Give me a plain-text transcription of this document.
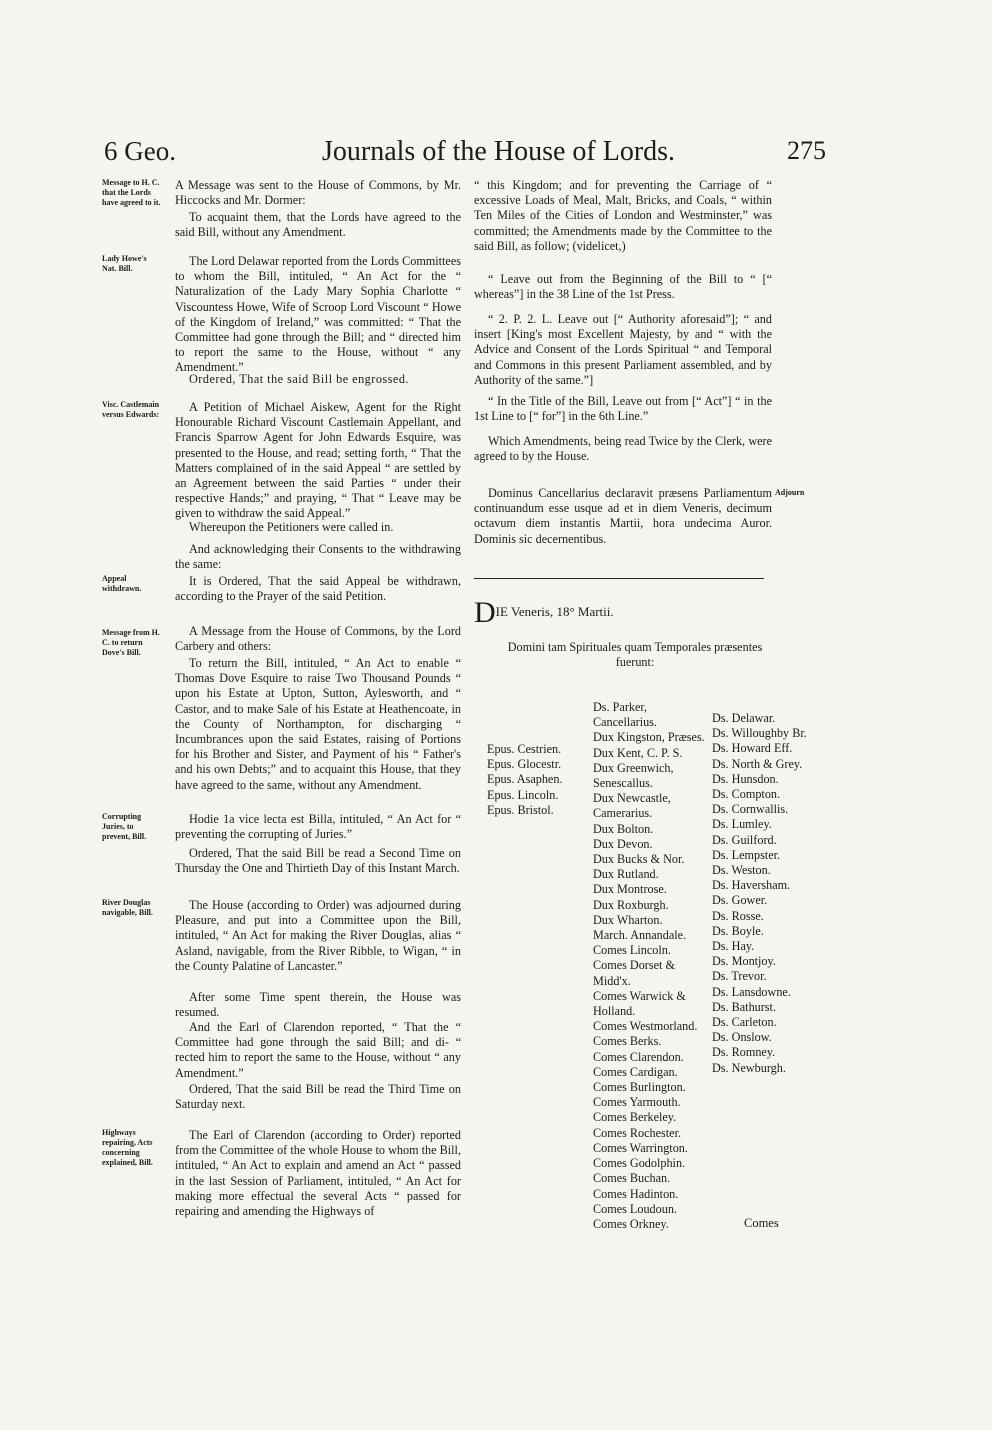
6 Geo.	Journals of the House of Lords.	275
Message to H. C. that the Lords have agreed to it.
Lady Howe's Nat. Bill.
Visc. Castlemain versus Edwards:
Appeal withdrawn.
Message from H. C. to return Dove's Bill.
Corrupting Juries, to prevent, Bill.
River Douglas navigable, Bill.
Highways repairing, Acts concerning explained, Bill.
A Message was sent to the House of Commons, by Mr. Hiccocks and Mr. Dormer:
To acquaint them, that the Lords have agreed to the said Bill, without any Amendment.
The Lord Delawar reported from the Lords Committees to whom the Bill, intituled, “ An Act for the “ Naturalization of the Lady Mary Sophia Charlotte “ Viscountess Howe, Wife of Scroop Lord Viscount “ Howe of the Kingdom of Ireland,” was committed: “ That the Committee had gone through the Bill; and “ directed him to report the same to the House, without “ any Amendment.”
Ordered, That the said Bill be engrossed.
A Petition of Michael Aiskew, Agent for the Right Honourable Richard Viscount Castlemain Appellant, and Francis Sparrow Agent for John Edwards Esquire, was presented to the House, and read; setting forth, “ That the Matters complained of in the said Appeal “ are settled by an Agreement between the said Parties “ under their respective Hands;” and praying, “ That “ Leave may be given to withdraw the said Appeal.”
Whereupon the Petitioners were called in.
And acknowledging their Consents to the withdrawing the same:
It is Ordered, That the said Appeal be withdrawn, according to the Prayer of the said Petition.
A Message from the House of Commons, by the Lord Carbery and others:
To return the Bill, intituled, “ An Act to enable “ Thomas Dove Esquire to raise Two Thousand Pounds “ upon his Estate at Upton, Sutton, Aylesworth, and “ Castor, and to make Sale of his Estate at Heathencoate, in the County of Northampton, for discharging “ Incumbrances upon the said Estates, raising of Portions for his Brother and Sister, and Payment of his “ Father's and his own Debts;” and to acquaint this House, that they have agreed to the same, without any Amendment.
Hodie 1a vice lecta est Billa, intituled, “ An Act for “ preventing the corrupting of Juries.”
Ordered, That the said Bill be read a Second Time on Thursday the One and Thirtieth Day of this Instant March.
The House (according to Order) was adjourned during Pleasure, and put into a Committee upon the Bill, intituled, “ An Act for making the River Douglas, alias “ Asland, navigable, from the River Ribble, to Wigan, “ in the County Palatine of Lancaster.”
After some Time spent therein, the House was resumed.
And the Earl of Clarendon reported, “ That the “ Committee had gone through the said Bill; and di- “ rected him to report the same to the House, without “ any Amendment.”
Ordered, That the said Bill be read the Third Time on Saturday next.
The Earl of Clarendon (according to Order) reported from the Committee of the whole House to whom the Bill, intituled, “ An Act to explain and amend an Act “ passed in the last Session of Parliament, intituled, “ An Act for making more effectual the several Acts “ passed for repairing and amending the Highways of
“ this Kingdom; and for preventing the Carriage of “ excessive Loads of Meal, Malt, Bricks, and Coals, “ within Ten Miles of the Cities of London and Westminster,” was committed; the Amendments made by the Committee to the said Bill, as follow; (videlicet,)
“ Leave out from the Beginning of the Bill to “ [“ whereas”] in the 38 Line of the 1st Press.
“ 2. P. 2. L. Leave out [“ Authority aforesaid”]; “ and insert [King's most Excellent Majesty, by and “ with the Advice and Consent of the Lords Spiritual “ and Temporal and Commons in this present Parliament assembled, and by Authority of the same.”]
“ In the Title of the Bill, Leave out from [“ Act”] “ in the 1st Line to [“ for”] in the 6th Line.”
Which Amendments, being read Twice by the Clerk, were agreed to by the House.
Dominus Cancellarius declaravit præsens Parliamentum continuandum esse usque ad et in diem Veneris, decimum octavum diem instantis Martii, hora undecima Auror. Dominis sic decernentibus.
Adjourn
DIE Veneris, 18° Martii.
Domini tam Spirituales quam Temporales præsentes fuerunt:
Epus. Cestrien.
Epus. Glocestr.
Epus. Asaphen.
Epus. Lincoln.
Epus. Bristol.
Ds. Parker, Cancellarius.
Dux Kingston, Præses.
Dux Kent, C. P. S.
Dux Greenwich, Senescallus.
Dux Newcastle, Camerarius.
Dux Bolton.
Dux Devon.
Dux Bucks & Nor.
Dux Rutland.
Dux Montrose.
Dux Roxburgh.
Dux Wharton.
March. Annandale.
Comes Lincoln.
Comes Dorset & Midd'x.
Comes Warwick & Holland.
Comes Westmorland.
Comes Berks.
Comes Clarendon.
Comes Cardigan.
Comes Burlington.
Comes Yarmouth.
Comes Berkeley.
Comes Rochester.
Comes Warrington.
Comes Godolphin.
Comes Buchan.
Comes Hadinton.
Comes Loudoun.
Comes Orkney.
Ds. Delawar.
Ds. Willoughby Br.
Ds. Howard Eff.
Ds. North & Grey.
Ds. Hunsdon.
Ds. Compton.
Ds. Cornwallis.
Ds. Lumley.
Ds. Guilford.
Ds. Lempster.
Ds. Weston.
Ds. Haversham.
Ds. Gower.
Ds. Rosse.
Ds. Boyle.
Ds. Hay.
Ds. Montjoy.
Ds. Trevor.
Ds. Lansdowne.
Ds. Bathurst.
Ds. Carleton.
Ds. Onslow.
Ds. Romney.
Ds. Newburgh.
Comes
